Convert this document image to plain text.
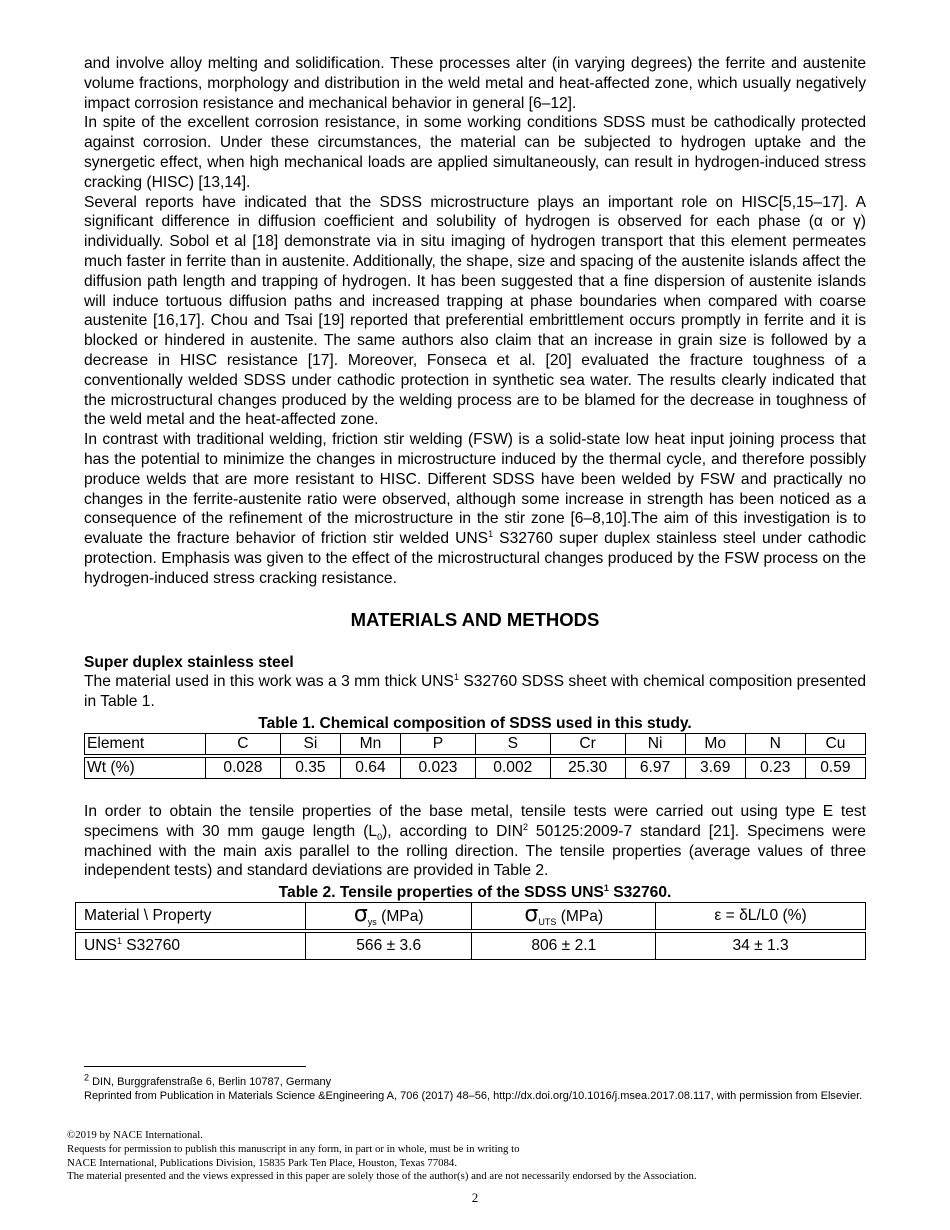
and involve alloy melting and solidification. These processes alter (in varying degrees) the ferrite and austenite volume fractions, morphology and distribution in the weld metal and heat-affected zone, which usually negatively impact corrosion resistance and mechanical behavior in general [6–12].

In spite of the excellent corrosion resistance, in some working conditions SDSS must be cathodically protected against corrosion. Under these circumstances, the material can be subjected to hydrogen uptake and the synergetic effect, when high mechanical loads are applied simultaneously, can result in hydrogen-induced stress cracking (HISC) [13,14].

Several reports have indicated that the SDSS microstructure plays an important role on HISC[5,15–17]. A significant difference in diffusion coefficient and solubility of hydrogen is observed for each phase (α or γ) individually. Sobol et al [18] demonstrate via in situ imaging of hydrogen transport that this element permeates much faster in ferrite than in austenite. Additionally, the shape, size and spacing of the austenite islands affect the diffusion path length and trapping of hydrogen. It has been suggested that a fine dispersion of austenite islands will induce tortuous diffusion paths and increased trapping at phase boundaries when compared with coarse austenite [16,17]. Chou and Tsai [19] reported that preferential embrittlement occurs promptly in ferrite and it is blocked or hindered in austenite. The same authors also claim that an increase in grain size is followed by a decrease in HISC resistance [17]. Moreover, Fonseca et al. [20] evaluated the fracture toughness of a conventionally welded SDSS under cathodic protection in synthetic sea water. The results clearly indicated that the microstructural changes produced by the welding process are to be blamed for the decrease in toughness of the weld metal and the heat-affected zone.

In contrast with traditional welding, friction stir welding (FSW) is a solid-state low heat input joining process that has the potential to minimize the changes in microstructure induced by the thermal cycle, and therefore possibly produce welds that are more resistant to HISC. Different SDSS have been welded by FSW and practically no changes in the ferrite-austenite ratio were observed, although some increase in strength has been noticed as a consequence of the refinement of the microstructure in the stir zone [6–8,10].The aim of this investigation is to evaluate the fracture behavior of friction stir welded UNS$^1$ S32760 super duplex stainless steel under cathodic protection. Emphasis was given to the effect of the microstructural changes produced by the FSW process on the hydrogen-induced stress cracking resistance.

MATERIALS AND METHODS

Super duplex stainless steel

The material used in this work was a 3 mm thick UNS$^1$ S32760 SDSS sheet with chemical composition presented in Table 1.

Table 1. Chemical composition of SDSS used in this study.

Element	C	Si	Mn	P	S	Cr	Ni	Mo	N	Cu
Wt (%)	0.028	0.35	0.64	0.023	0.002	25.30	6.97	3.69	0.23	0.59

In order to obtain the tensile properties of the base metal, tensile tests were carried out using type E test specimens with 30 mm gauge length $(L_0)$, according to DIN$^2$ 50125:2009-7 standard [21]. Specimens were machined with the main axis parallel to the rolling direction. The tensile properties (average values of three independent tests) and standard deviations are provided in Table 2.

Table 2. Tensile properties of the SDSS UNS$^1$ S32760.

Material \ Property	$\sigma_{ys}$ (MPa)	$\sigma_{UTS}$ (MPa)	ε = δL/L0 (%)
UNS$^1$ S32760	566 ± 3.6	806 ± 2.1	34 ± 1.3

$^2$ DIN, Burggrafenstraße 6, Berlin 10787, Germany

Reprinted from Publication in Materials Science &Engineering A, 706 (2017) 48–56, http://dx.doi.org/10.1016/j.msea.2017.08.117, with permission from Elsevier.

©2019 by NACE International.

Requests for permission to publish this manuscript in any form, in part or in whole, must be in writing to

NACE International, Publications Division, 15835 Park Ten Place, Houston, Texas 77084.

The material presented and the views expressed in this paper are solely those of the author(s) and are not necessarily endorsed by the Association.

2
